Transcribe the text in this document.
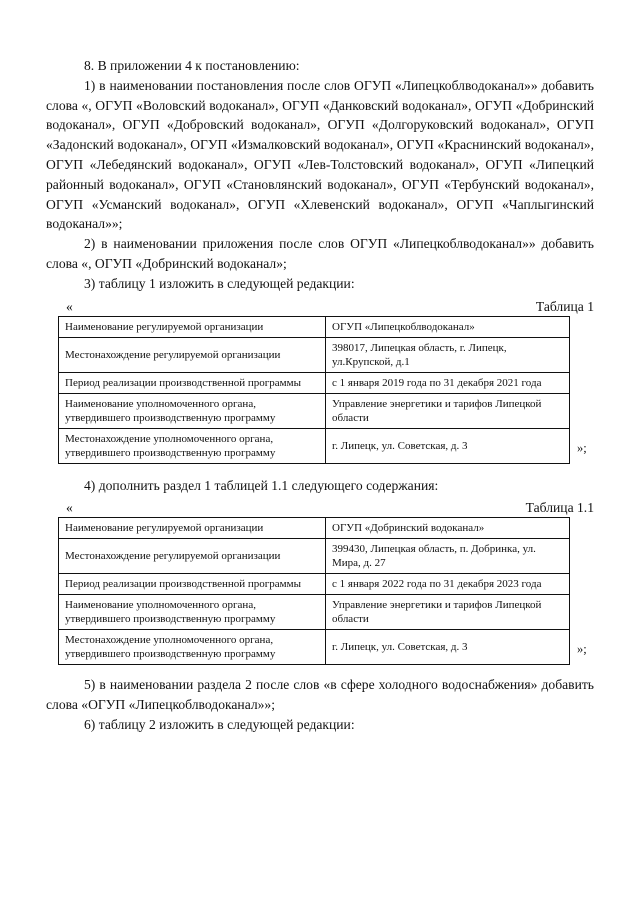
8. В приложении 4 к постановлению:

1) в наименовании постановления после слов ОГУП «Липецкоблводоканал»» добавить слова «, ОГУП «Воловский водоканал», ОГУП «Данковский водоканал», ОГУП «Добринский водоканал», ОГУП «Добровский водоканал», ОГУП «Долгоруковский водоканал», ОГУП «Задонский водоканал», ОГУП «Измалковский водоканал», ОГУП «Краснинский водоканал», ОГУП «Лебедянский водоканал», ОГУП «Лев-Толстовский водоканал», ОГУП «Липецкий районный водоканал», ОГУП «Становлянский водоканал», ОГУП «Тербунский водоканал», ОГУП «Усманский водоканал», ОГУП «Хлевенский водоканал», ОГУП «Чаплыгинский водоканал»»;

2) в наименовании приложения после слов ОГУП «Липецкоблводоканал»» добавить слова «, ОГУП «Добринский водоканал»;

3) таблицу 1 изложить в следующей редакции:

«	Таблица 1
Наименование регулируемой организации	ОГУП «Липецкоблводоканал»
Местонахождение регулируемой организации	398017, Липецкая область, г. Липецк, ул.Крупской, д.1
Период реализации производственной программы	с 1 января 2019 года по 31 декабря 2021 года
Наименование уполномоченного органа, утвердившего производственную программу	Управление энергетики и тарифов Липецкой области
Местонахождение уполномоченного органа, утвердившего производственную программу	г. Липецк, ул. Советская, д. 3	»;

4) дополнить раздел 1 таблицей 1.1 следующего содержания:

«	Таблица 1.1
Наименование регулируемой организации	ОГУП «Добринский водоканал»
Местонахождение регулируемой организации	399430, Липецкая область, п. Добринка, ул. Мира, д. 27
Период реализации производственной программы	с 1 января 2022 года по 31 декабря 2023 года
Наименование уполномоченного органа, утвердившего производственную программу	Управление энергетики и тарифов Липецкой области
Местонахождение уполномоченного органа, утвердившего производственную программу	г. Липецк, ул. Советская, д. 3	»;

5) в наименовании раздела 2 после слов «в сфере холодного водоснабжения» добавить слова «ОГУП «Липецкоблводоканал»»;

6) таблицу 2 изложить в следующей редакции:
